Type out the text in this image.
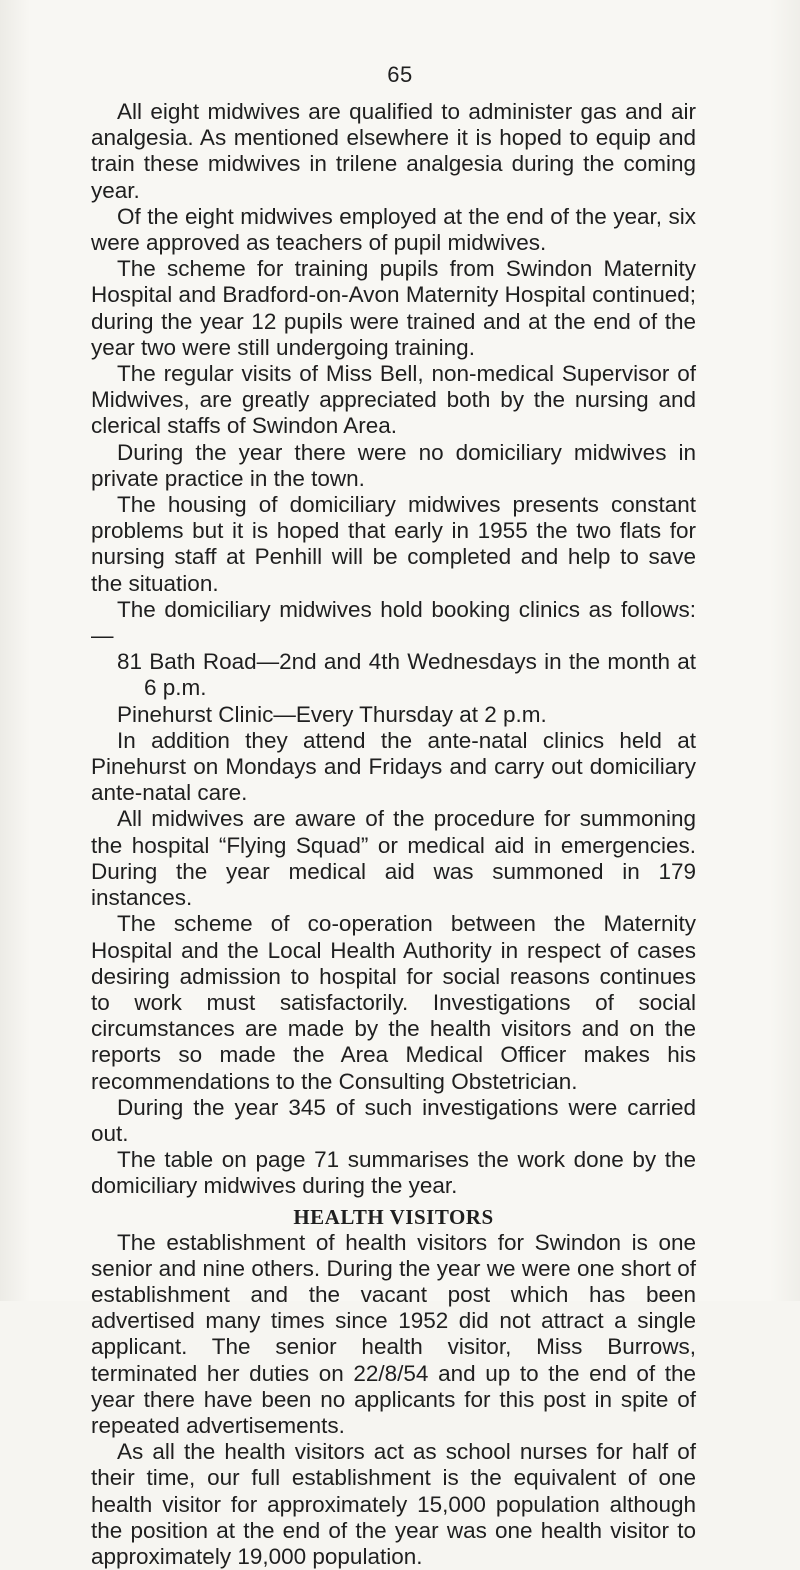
65

All eight midwives are qualified to administer gas and air analgesia. As mentioned elsewhere it is hoped to equip and train these midwives in trilene analgesia during the coming year.

Of the eight midwives employed at the end of the year, six were approved as teachers of pupil midwives.

The scheme for training pupils from Swindon Maternity Hospital and Bradford-on-Avon Maternity Hospital continued; during the year 12 pupils were trained and at the end of the year two were still undergoing training.

The regular visits of Miss Bell, non-medical Supervisor of Midwives, are greatly appreciated both by the nursing and clerical staffs of Swindon Area.

During the year there were no domiciliary midwives in private practice in the town.

The housing of domiciliary midwives presents constant problems but it is hoped that early in 1955 the two flats for nursing staff at Penhill will be completed and help to save the situation.

The domiciliary midwives hold booking clinics as follows:—

81 Bath Road—2nd and 4th Wednesdays in the month at 6 p.m.

Pinehurst Clinic—Every Thursday at 2 p.m.

In addition they attend the ante-natal clinics held at Pinehurst on Mondays and Fridays and carry out domiciliary ante-natal care.

All midwives are aware of the procedure for summoning the hospital “Flying Squad” or medical aid in emergencies. During the year medical aid was summoned in 179 instances.

The scheme of co-operation between the Maternity Hospital and the Local Health Authority in respect of cases desiring admission to hospital for social reasons continues to work must satisfactorily. Investigations of social circumstances are made by the health visitors and on the reports so made the Area Medical Officer makes his recommendations to the Consulting Obstetrician.

During the year 345 of such investigations were carried out.

The table on page 71 summarises the work done by the domiciliary midwives during the year.

HEALTH VISITORS

The establishment of health visitors for Swindon is one senior and nine others. During the year we were one short of establishment and the vacant post which has been advertised many times since 1952 did not attract a single applicant. The senior health visitor, Miss Burrows, terminated her duties on 22/8/54 and up to the end of the year there have been no applicants for this post in spite of repeated advertisements.

As all the health visitors act as school nurses for half of their time, our full establishment is the equivalent of one health visitor for approximately 15,000 population although the position at the end of the year was one health visitor to approximately 19,000 population.
